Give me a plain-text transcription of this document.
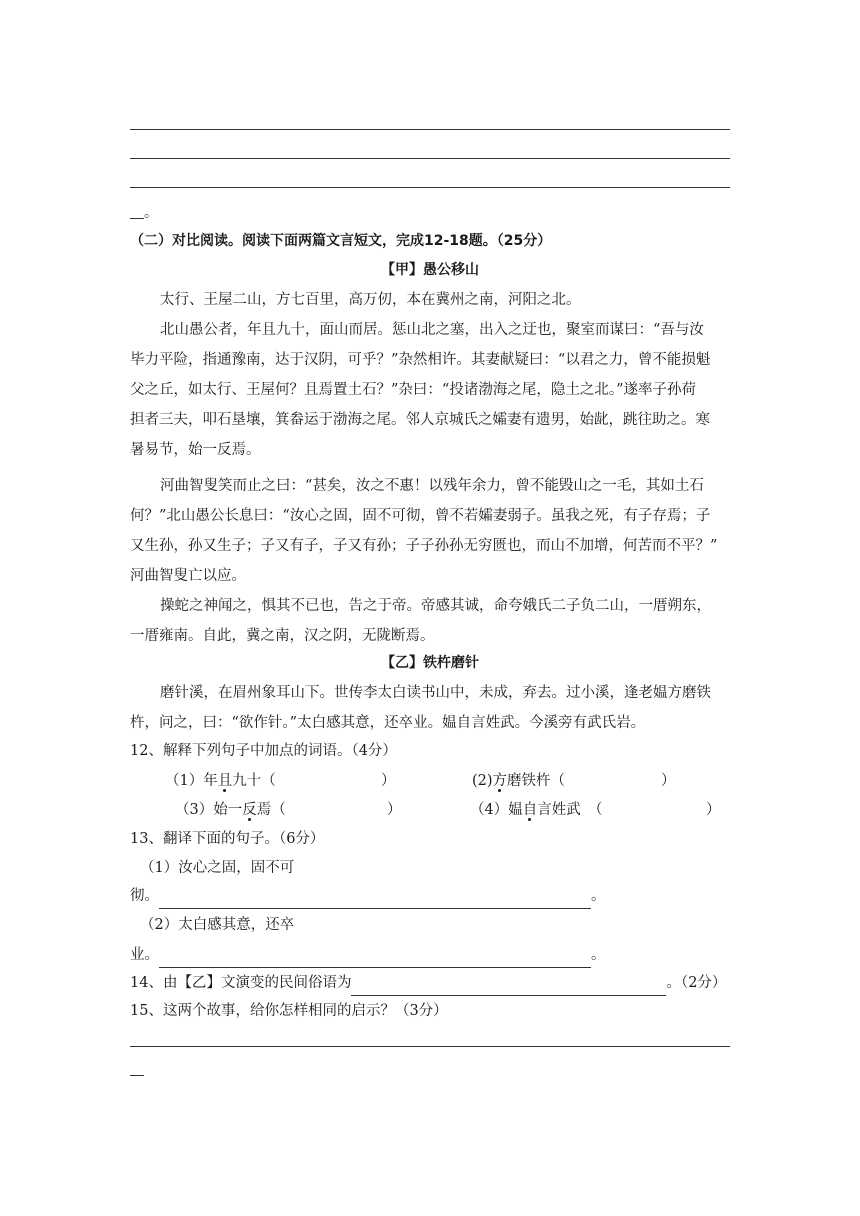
。
（二）对比阅读。阅读下面两篇文言短文，完成12-18题。（25分）
【甲】愚公移山
太行、王屋二山，方七百里，高万仞，本在冀州之南，河阳之北。
北山愚公者，年且九十，面山而居。惩山北之塞，出入之迂也，聚室而谋曰：“吾与汝
毕力平险，指通豫南，达于汉阴，可乎？”杂然相许。其妻献疑曰：“以君之力，曾不能损魁
父之丘，如太行、王屋何？且焉置土石？”杂曰：“投诸渤海之尾，隐土之北。”遂率子孙荷
担者三夫，叩石垦壤，箕畚运于渤海之尾。邻人京城氏之孀妻有遗男，始龀，跳往助之。寒
暑易节，始一反焉。
河曲智叟笑而止之曰：“甚矣，汝之不惠！以残年余力，曾不能毁山之一毛，其如土石
何？”北山愚公长息曰：“汝心之固，固不可彻，曾不若孀妻弱子。虽我之死，有子存焉；子
又生孙，孙又生子；子又有子，子又有孙；子子孙孙无穷匮也，而山不加增，何苦而不平？”
河曲智叟亡以应。
操蛇之神闻之，惧其不已也，告之于帝。帝感其诚，命夸娥氏二子负二山，一厝朔东，
一厝雍南。自此，冀之南，汉之阴，无陇断焉。
【乙】铁杵磨针
磨针溪，在眉州象耳山下。世传李太白读书山中，未成，弃去。过小溪，逢老媪方磨铁
杵，问之，曰：“欲作针。”太白感其意，还卒业。媪自言姓武。今溪旁有武氏岩。
12、解释下列句子中加点的词语。（4分）
（1）年且九十（	）	(2)方磨铁杵（	）
（3）始一反焉（	）	（4）媪自言姓武　（	）
13、翻译下面的句子。（6分）
（1）汝心之固，固不可
彻。	。
（2）太白感其意，还卒
业。	。
14、由【乙】文演变的民间俗语为	。（2分）
15、这两个故事，给你怎样相同的启示？（3分）
